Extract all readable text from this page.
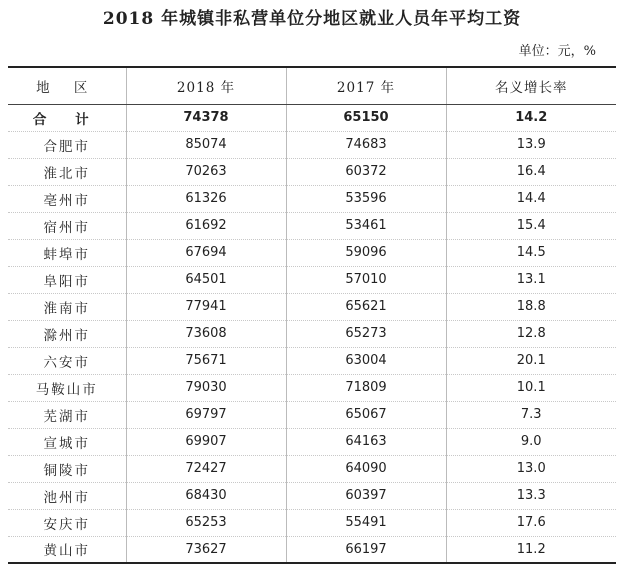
2018 年城镇非私营单位分地区就业人员年平均工资
单位：元，%
地 区	2018 年	2017 年	名义增长率
合 计	74378	65150	14.2
合肥市	85074	74683	13.9
淮北市	70263	60372	16.4
亳州市	61326	53596	14.4
宿州市	61692	53461	15.4
蚌埠市	67694	59096	14.5
阜阳市	64501	57010	13.1
淮南市	77941	65621	18.8
滁州市	73608	65273	12.8
六安市	75671	63004	20.1
马鞍山市	79030	71809	10.1
芜湖市	69797	65067	7.3
宣城市	69907	64163	9.0
铜陵市	72427	64090	13.0
池州市	68430	60397	13.3
安庆市	65253	55491	17.6
黄山市	73627	66197	11.2
